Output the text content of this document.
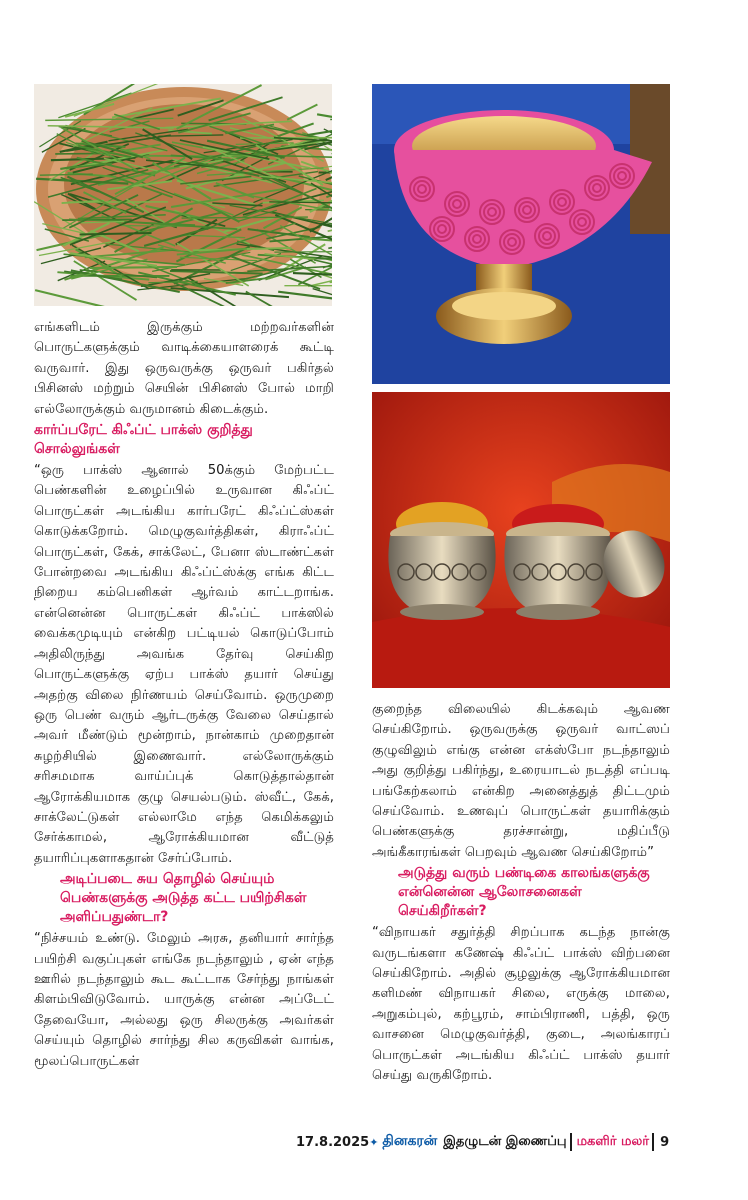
எங்களிடம் இருக்கும் மற்றவர்களின் பொருட்களுக்கும் வாடிக்கையாளரைக் கூட்டி வருவார். இது ஒருவருக்கு ஒருவர் பகிர்தல் பிசினஸ் மற்றும் செயின் பிசினஸ் போல் மாறி எல்லோருக்கும் வருமானம் கிடைக்கும்.

கார்ப்பரேட் கிஃப்ட் பாக்ஸ் குறித்து சொல்லுங்கள்

“ஒரு பாக்ஸ் ஆனால் 50க்கும் மேற்பட்ட பெண்களின் உழைப்பில் உருவான கிஃப்ட் பொருட்கள் அடங்கிய கார்பரேட் கிஃப்ட்ஸ்கள் கொடுக்கறோம். மெழுகுவர்த்திகள், கிராஃப்ட் பொருட்கள், கேக், சாக்லேட், பேனா ஸ்டாண்ட்கள் போன்றவை அடங்கிய கிஃப்ட்ஸ்க்கு எங்க கிட்ட நிறைய கம்பெனிகள் ஆர்வம் காட்டறாங்க. என்னென்ன பொருட்கள் கிஃப்ட் பாக்ஸில் வைக்கமுடியும் என்கிற பட்டியல் கொடுப்போம் அதிலிருந்து அவங்க தேர்வு செய்கிற பொருட்களுக்கு ஏற்ப பாக்ஸ் தயார் செய்து அதற்கு விலை நிர்ணயம் செய்வோம். ஒருமுறை ஒரு பெண் வரும் ஆர்டருக்கு வேலை செய்தால் அவர் மீண்டும் மூன்றாம், நான்காம் முறைதான் சுழற்சியில் இணைவார். எல்லோருக்கும் சரிசமமாக வாய்ப்புக் கொடுத்தால்தான் ஆரோக்கியமாக குழு செயல்படும். ஸ்வீட், கேக், சாக்லேட்டுகள் எல்லாமே எந்த கெமிக்கலும் சேர்க்காமல், ஆரோக்கியமான வீட்டுத் தயாரிப்புகளாகதான் சேர்ப்போம்.

அடிப்படை சுய தொழில் செய்யும் பெண்களுக்கு அடுத்த கட்ட பயிற்சிகள் அளிப்பதுண்டா?

“நிச்சயம் உண்டு. மேலும் அரசு, தனியார் சார்ந்த பயிற்சி வகுப்புகள் எங்கே நடந்தாலும் , ஏன் எந்த ஊரில் நடந்தாலும் கூட கூட்டாக சேர்ந்து நாங்கள் கிளம்பிவிடுவோம். யாருக்கு என்ன அப்டேட் தேவையோ, அல்லது ஒரு சிலருக்கு அவர்கள் செய்யும் தொழில் சார்ந்து சில கருவிகள் வாங்க, மூலப்பொருட்கள்

குறைந்த விலையில் கிடக்கவும் ஆவண செய்கிறோம். ஒருவருக்கு ஒருவர் வாட்ஸப் குழுவிலும் எங்கு என்ன எக்ஸ்போ நடந்தாலும் அது குறித்து பகிர்ந்து, உரையாடல் நடத்தி எப்படி பங்கேற்கலாம் என்கிற அனைத்துத் திட்டமும் செய்வோம். உணவுப் பொருட்கள் தயாரிக்கும் பெண்களுக்கு தரச்சான்று, மதிப்பீடு அங்கீகாரங்கள் பெறவும் ஆவண செய்கிறோம்”

அடுத்து வரும் பண்டிகை காலங்களுக்கு என்னென்ன ஆலோசனைகள் செய்கிறீர்கள்?

“விநாயகர் சதுர்த்தி சிறப்பாக கடந்த நான்கு வருடங்களா கணேஷ் கிஃப்ட் பாக்ஸ் விற்பனை செய்கிறோம். அதில் சூழலுக்கு ஆரோக்கியமான களிமண் விநாயகர் சிலை, எருக்கு மாலை, அறுகம்புல், கற்பூரம், சாம்பிராணி, பத்தி, ஒரு வாசனை மெழுகுவர்த்தி, குடை, அலங்காரப் பொருட்கள் அடங்கிய கிஃப்ட் பாக்ஸ் தயார் செய்து வருகிறோம்.

17.8.2025 ✦ தினகரன் இதழுடன் இணைப்பு மகளிர் மலர் 9
